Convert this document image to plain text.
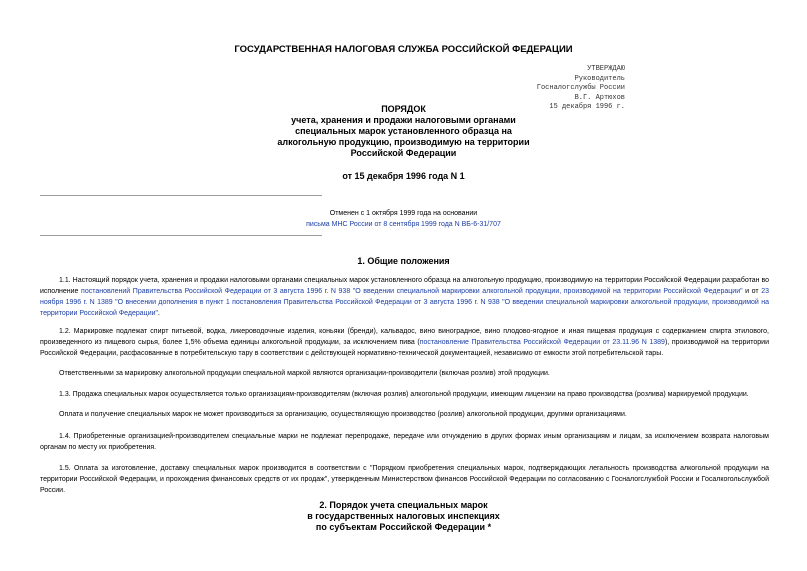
ГОСУДАРСТВЕННАЯ НАЛОГОВАЯ СЛУЖБА РОССИЙСКОЙ ФЕДЕРАЦИИ
УТВЕРЖДАЮ
Руководитель
Госналогслужбы России
В.Г. Артюхов
15 декабря 1996 г.
ПОРЯДОК
учета, хранения и продажи налоговыми органами
специальных марок установленного образца на
алкогольную продукцию, производимую на территории
Российской Федерации
от 15 декабря 1996 года N 1
Отменен с 1 октября 1999 года на основании
письма МНС России от 8 сентября 1999 года N ВБ-6-31/707
1. Общие положения
1.1. Настоящий порядок учета, хранения и продажи налоговыми органами специальных марок установленного образца на алкогольную продукцию, производимую на территории Российской Федерации разработан во исполнение постановлений Правительства Российской Федерации от 3 августа 1996 г. N 938 "О введении специальной маркировки алкогольной продукции, производимой на территории Российской Федерации" и от 23 ноября 1996 г. N 1389 "О внесении дополнения в пункт 1 постановления Правительства Российской Федерации от 3 августа 1996 г. N 938 "О введении специальной маркировки алкогольной продукции, производимой на территории Российской Федерации".
1.2. Маркировке подлежат спирт питьевой, водка, ликероводочные изделия, коньяки (бренди), кальвадос, вино виноградное, вино плодово-ягодное и иная пищевая продукция с содержанием спирта этилового, произведенного из пищевого сырья, более 1,5% объема единицы алкогольной продукции, за исключением пива (постановление Правительства Российской Федерации от 23.11.96 N 1389), производимой на территории Российской Федерации, расфасованные в потребительскую тару в соответствии с действующей нормативно-технической документацией, независимо от емкости этой потребительской тары.
Ответственными за маркировку алкогольной продукции специальной маркой являются организации-производители (включая розлив) этой продукции.
1.3. Продажа специальных марок осуществляется только организациям-производителям (включая розлив) алкогольной продукции, имеющим лицензии на право производства (розлива) маркируемой продукции.
Оплата и получение специальных марок не может производиться за организацию, осуществляющую производство (розлив) алкогольной продукции, другими организациями.
1.4. Приобретенные организацией-производителем специальные марки не подлежат перепродаже, передаче или отчуждению в других формах иным организациям и лицам, за исключением возврата налоговым органам по месту их приобретения.
1.5. Оплата за изготовление, доставку специальных марок производится в соответствии с "Порядком приобретения специальных марок, подтверждающих легальность производства алкогольной продукции на территории Российской Федерации, и прохождения финансовых средств от их продаж", утвержденным Министерством финансов Российской Федерации по согласованию с Госналогслужбой России и Госалкогольслужбой России.
2. Порядок учета специальных марок
в государственных налоговых инспекциях
по субъектам Российской Федерации *
